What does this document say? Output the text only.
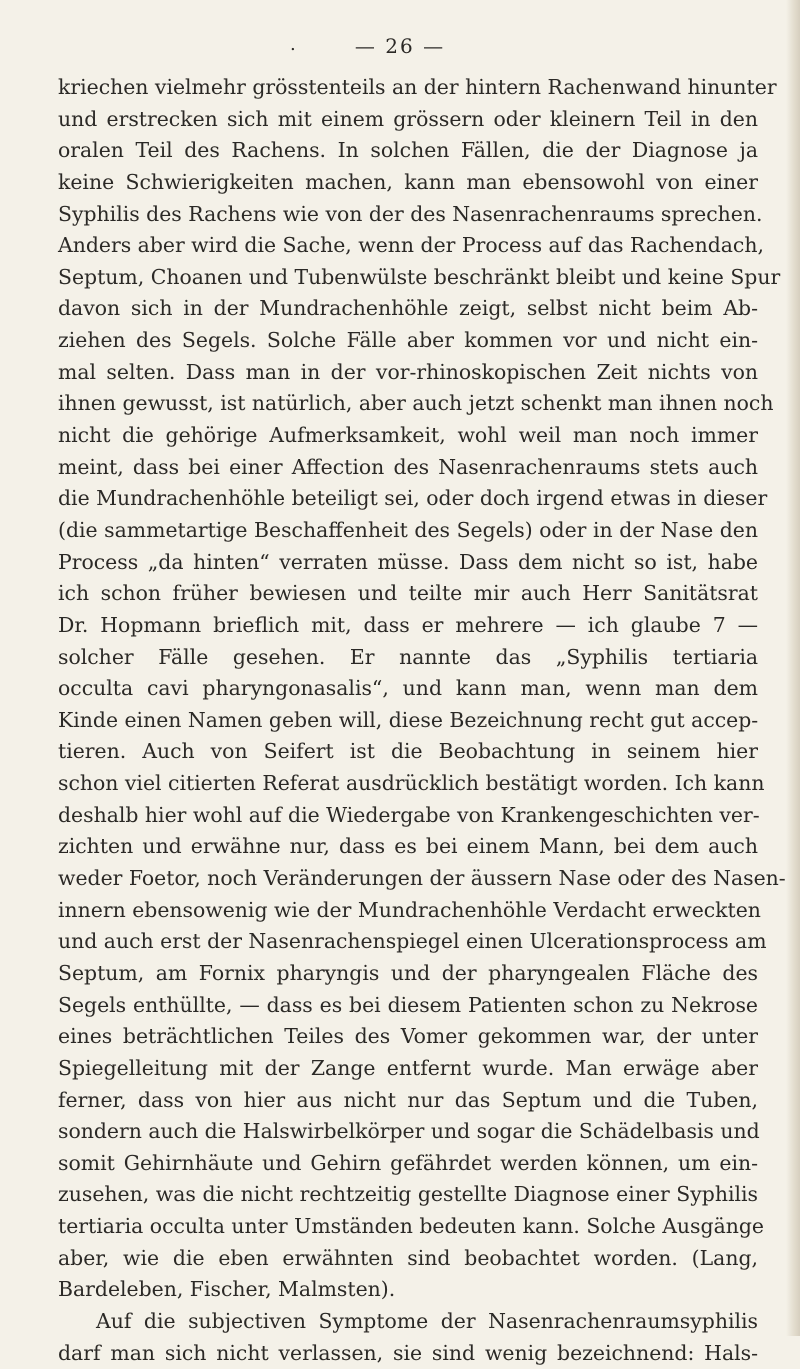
.	— 26 —
kriechen vielmehr grösstenteils an der hintern Rachenwand hinunter
und erstrecken sich mit einem grössern oder kleinern Teil in den
oralen Teil des Rachens. In solchen Fällen, die der Diagnose ja
keine Schwierigkeiten machen, kann man ebensowohl von einer
Syphilis des Rachens wie von der des Nasenrachenraums sprechen.
Anders aber wird die Sache, wenn der Process auf das Rachendach,
Septum, Choanen und Tubenwülste beschränkt bleibt und keine Spur
davon sich in der Mundrachenhöhle zeigt, selbst nicht beim Ab-
ziehen des Segels. Solche Fälle aber kommen vor und nicht ein-
mal selten. Dass man in der vor-rhinoskopischen Zeit nichts von
ihnen gewusst, ist natürlich, aber auch jetzt schenkt man ihnen noch
nicht die gehörige Aufmerksamkeit, wohl weil man noch immer
meint, dass bei einer Affection des Nasenrachenraums stets auch
die Mundrachenhöhle beteiligt sei, oder doch irgend etwas in dieser
(die sammetartige Beschaffenheit des Segels) oder in der Nase den
Process „da hinten“ verraten müsse. Dass dem nicht so ist, habe
ich schon früher bewiesen und teilte mir auch Herr Sanitätsrat
Dr. Hopmann brieflich mit, dass er mehrere — ich glaube 7 —
solcher Fälle gesehen. Er nannte das „Syphilis tertiaria
occulta cavi pharyngonasalis“, und kann man, wenn man dem
Kinde einen Namen geben will, diese Bezeichnung recht gut accep-
tieren. Auch von Seifert ist die Beobachtung in seinem hier
schon viel citierten Referat ausdrücklich bestätigt worden. Ich kann
deshalb hier wohl auf die Wiedergabe von Krankengeschichten ver-
zichten und erwähne nur, dass es bei einem Mann, bei dem auch
weder Foetor, noch Veränderungen der äussern Nase oder des Nasen-
innern ebensowenig wie der Mundrachenhöhle Verdacht erweckten
und auch erst der Nasenrachenspiegel einen Ulcerationsprocess am
Septum, am Fornix pharyngis und der pharyngealen Fläche des
Segels enthüllte, — dass es bei diesem Patienten schon zu Nekrose
eines beträchtlichen Teiles des Vomer gekommen war, der unter
Spiegelleitung mit der Zange entfernt wurde. Man erwäge aber
ferner, dass von hier aus nicht nur das Septum und die Tuben,
sondern auch die Halswirbelkörper und sogar die Schädelbasis und
somit Gehirnhäute und Gehirn gefährdet werden können, um ein-
zusehen, was die nicht rechtzeitig gestellte Diagnose einer Syphilis
tertiaria occulta unter Umständen bedeuten kann. Solche Ausgänge
aber, wie die eben erwähnten sind beobachtet worden. (Lang,
Bardeleben, Fischer, Malmsten).
Auf die subjectiven Symptome der Nasenrachenraumsyphilis
darf man sich nicht verlassen, sie sind wenig bezeichnend: Hals-
